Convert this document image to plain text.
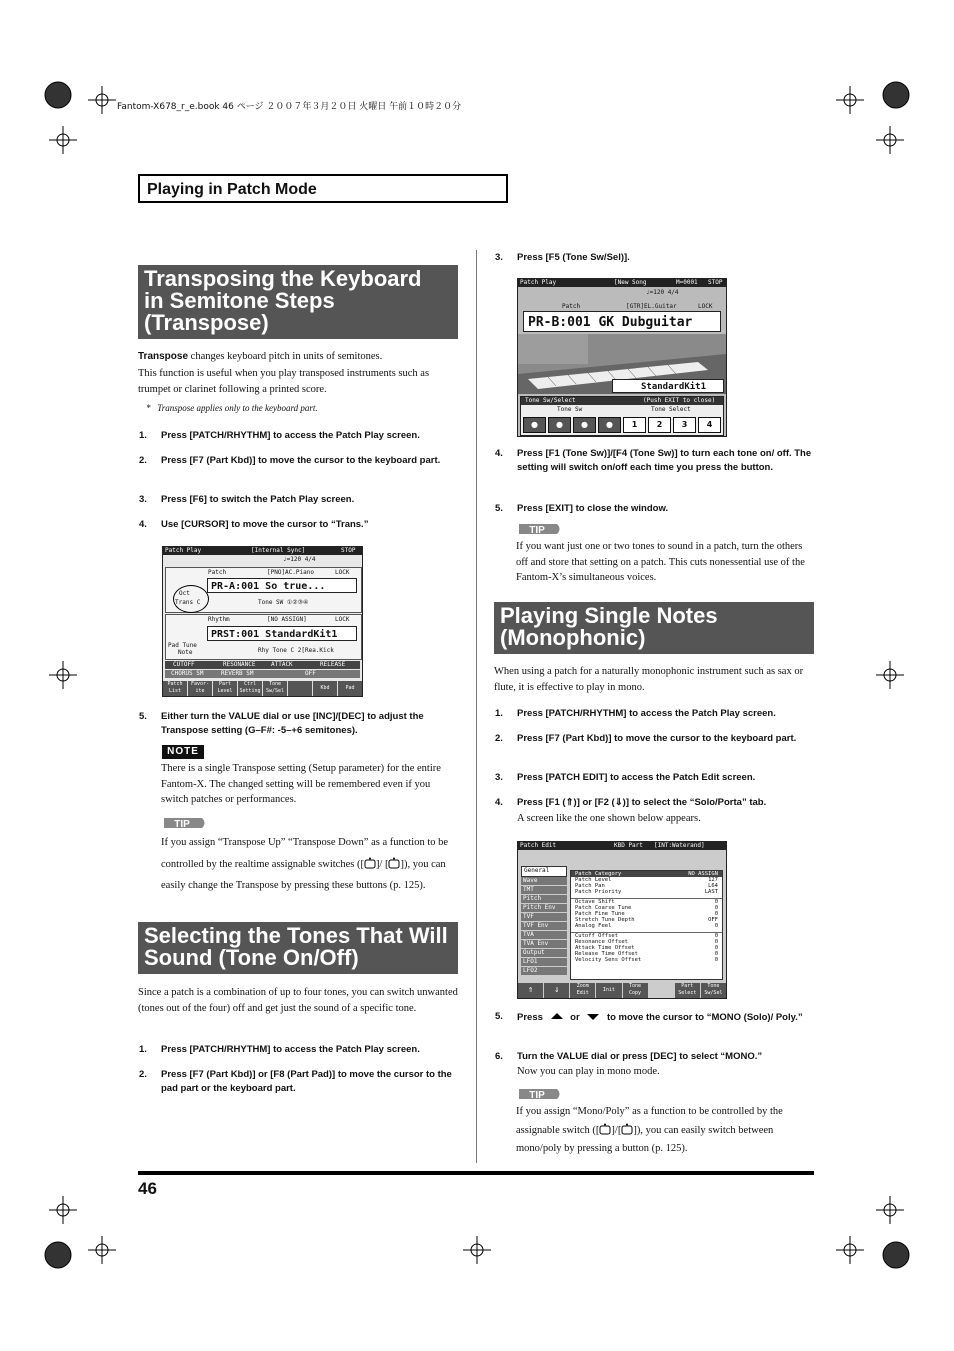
Fantom-X678_r_e.book 46 ページ ２００７年３月２０日 火曜日 午前１０時２０分
Playing in Patch Mode
Transposing the Keyboard
in Semitone Steps
(Transpose)
Transpose changes keyboard pitch in units of semitones.
This function is useful when you play transposed instruments such as trumpet or clarinet following a printed score.
* Transpose applies only to the keyboard part.
1. Press [PATCH/RHYTHM] to access the Patch Play screen.
2. Press [F7 (Part Kbd)] to move the cursor to the keyboard part.
3. Press [F6] to switch the Patch Play screen.
4. Use [CURSOR] to move the cursor to “Trans.”
Patch Play	[Internal Sync]	STOP
♩=120 4/4
Patch	[PNO]AC.Piano	LOCK
PR-A:001 So true...
Oct
Trans C	Tone SW ①②③④
Rhythm	[NO ASSIGN]	LOCK
PRST:001 StandardKit1
Pad Tune
Note	Rhy Tone C 2[Rea.Kick
CUTOFF	RESONANCE	ATTACK	RELEASE
CHORUS SM	REVERB SM	OFF
Patch List
Favor-ite
Part Level
Ctrl Setting
Tone Sw/Sel	Kbd	Pad
5. Either turn the VALUE dial or use [INC]/[DEC] to adjust the Transpose setting (G–F#: -5–+6 semitones).
NOTE
There is a single Transpose setting (Setup parameter) for the entire Fantom-X. The changed setting will be remembered even if you switch patches or performances.
TIP
If you assign “Transpose Up” “Transpose Down” as a function to be controlled by the realtime assignable switches ([ ]/ [ ]), you can easily change the Transpose by pressing these buttons (p. 125).
Selecting the Tones That Will
Sound (Tone On/Off)
Since a patch is a combination of up to four tones, you can switch unwanted (tones out of the four) off and get just the sound of a specific tone.
1. Press [PATCH/RHYTHM] to access the Patch Play screen.
2. Press [F7 (Part Kbd)] or [F8 (Part Pad)] to move the cursor to the pad part or the keyboard part.
3. Press [F5 (Tone Sw/Sel)].
Patch Play	[New Song	M=0001 STOP
♩=120 4/4
Patch	[GTR]EL.Guitar	LOCK
PR-B:001 GK Dubguitar
StandardKit1
Tone Sw/Select	(Push EXIT to close)
Tone Sw	Tone Select
●	●	●	●	1	2	3	4
4. Press [F1 (Tone Sw)]/[F4 (Tone Sw)] to turn each tone on/ off. The setting will switch on/off each time you press the button.
5. Press [EXIT] to close the window.
TIP
If you want just one or two tones to sound in a patch, turn the others off and store that setting on a patch. This cuts nonessential use of the Fantom-X’s simultaneous voices.
Playing Single Notes
(Monophonic)
When using a patch for a naturally monophonic instrument such as sax or flute, it is effective to play in mono.
1. Press [PATCH/RHYTHM] to access the Patch Play screen.
2. Press [F7 (Part Kbd)] to move the cursor to the keyboard part.
3. Press [PATCH EDIT] to access the Patch Edit screen.
4. Press [F1 (⇑)] or [F2 (⇓)] to select the “Solo/Porta” tab.
A screen like the one shown below appears.
Patch Edit	KBD Part [INT:Waterand]
General
Wave
TMT
Pitch
Pitch Env
TVF
TVF Env
TVA
TVA Env
Output
LFO1
LFO2
Patch Category	NO ASSIGN
Patch Level	127
Patch Pan	L64
Patch Priority	LAST
Octave Shift	0
Patch Coarse Tune	0
Patch Fine Tune	0
Stretch Tune Depth	OFF
Analog Feel	0
Cutoff Offset	0
Resonance Offset	0
Attack Time Offset	0
Release Time Offset	0
Velocity Sens Offset	0
⇑	⇓	Zoom Edit	Init
Tone Copy
Part Select
Tone Sw/Sel
5. Press	or	to move the cursor to “MONO (Solo)/ Poly.”
6. Turn the VALUE dial or press [DEC] to select “MONO.”
Now you can play in mono mode.
TIP
If you assign “Mono/Poly” as a function to be controlled by the assignable switch ([ ]/[ ]), you can easily switch between mono/poly by pressing a button (p. 125).
46
